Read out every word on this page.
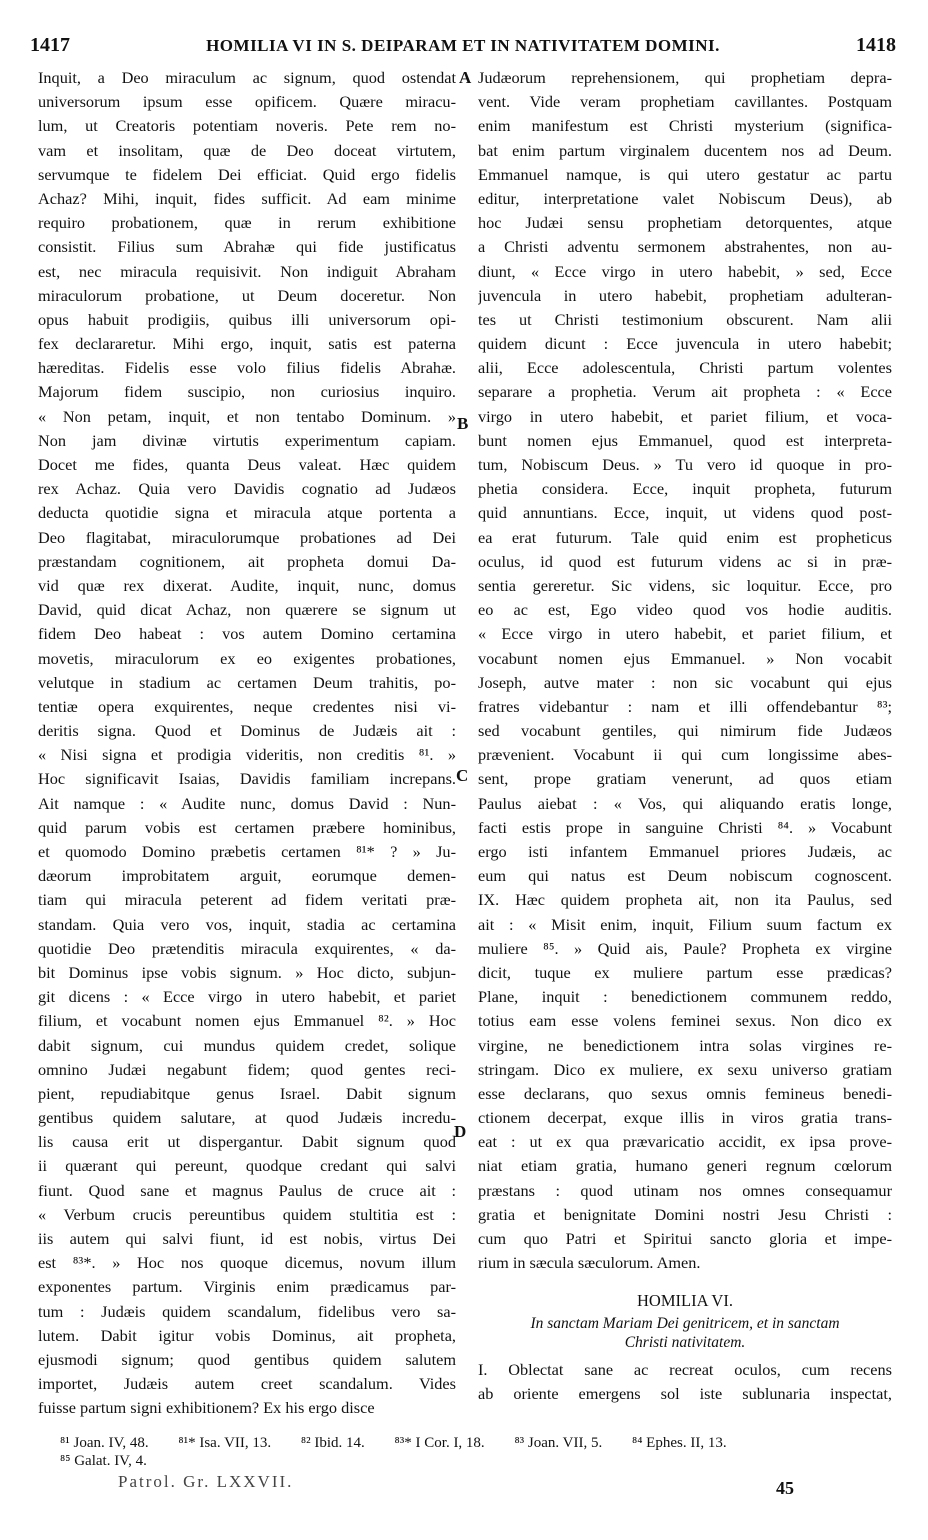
1417	HOMILIA VI IN S. DEIPARAM ET IN NATIVITATEM DOMINI.	1418
Inquit, a Deo miraculum ac signum, quod ostendat
universorum ipsum esse opificem. Quære miracu-
lum, ut Creatoris potentiam noveris. Pete rem no-
vam et insolitam, quæ de Deo doceat virtutem,
servumque te fidelem Dei efficiat. Quid ergo fidelis
Achaz? Mihi, inquit, fides sufficit. Ad eam minime
requiro probationem, quæ in rerum exhibitione
consistit. Filius sum Abrahæ qui fide justificatus
est, nec miracula requisivit. Non indiguit Abraham
miraculorum probatione, ut Deum doceretur. Non
opus habuit prodigiis, quibus illi universorum opi-
fex declararetur. Mihi ergo, inquit, satis est paterna
hæreditas. Fidelis esse volo filius fidelis Abrahæ.
Majorum fidem suscipio, non curiosius inquiro.
« Non petam, inquit, et non tentabo Dominum. »
Non jam divinæ virtutis experimentum capiam.
Docet me fides, quanta Deus valeat. Hæc quidem
rex Achaz. Quia vero Davidis cognatio ad Judæos
deducta quotidie signa et miracula atque portenta a
Deo flagitabat, miraculorumque probationes ad Dei
præstandam cognitionem, ait propheta domui Da-
vid quæ rex dixerat. Audite, inquit, nunc, domus
David, quid dicat Achaz, non quærere se signum ut
fidem Deo habeat : vos autem Domino certamina
movetis, miraculorum ex eo exigentes probationes,
velutque in stadium ac certamen Deum trahitis, po-
tentiæ opera exquirentes, neque credentes nisi vi-
deritis signa. Quod et Dominus de Judæis ait :
« Nisi signa et prodigia videritis, non creditis ⁸¹. »
Hoc significavit Isaias, Davidis familiam increpans.
Ait namque : « Audite nunc, domus David : Nun-
quid parum vobis est certamen præbere hominibus,
et quomodo Domino præbetis certamen ⁸¹* ? » Ju-
dæorum improbitatem arguit, eorumque demen-
tiam qui miracula peterent ad fidem veritati præ-
standam. Quia vero vos, inquit, stadia ac certamina
quotidie Deo prætenditis miracula exquirentes, « da-
bit Dominus ipse vobis signum. » Hoc dicto, subjun-
git dicens : « Ecce virgo in utero habebit, et pariet
filium, et vocabunt nomen ejus Emmanuel ⁸². » Hoc
dabit signum, cui mundus quidem credet, solique
omnino Judæi negabunt fidem; quod gentes reci-
pient, repudiabitque genus Israel. Dabit signum
gentibus quidem salutare, at quod Judæis incredu-
lis causa erit ut dispergantur. Dabit signum quod
ii quærant qui pereunt, quodque credant qui salvi
fiunt. Quod sane et magnus Paulus de cruce ait :
« Verbum crucis pereuntibus quidem stultitia est :
iis autem qui salvi fiunt, id est nobis, virtus Dei
est ⁸³*. » Hoc nos quoque dicemus, novum illum
exponentes partum. Virginis enim prædicamus par-
tum : Judæis quidem scandalum, fidelibus vero sa-
lutem. Dabit igitur vobis Dominus, ait propheta,
ejusmodi signum; quod gentibus quidem salutem
importet, Judæis autem creet scandalum. Vides
fuisse partum signi exhibitionem? Ex his ergo disce
A
B
C
D
Judæorum reprehensionem, qui prophetiam depra-
vent. Vide veram prophetiam cavillantes. Postquam
enim manifestum est Christi mysterium (significa-
bat enim partum virginalem ducentem nos ad Deum.
Emmanuel namque, is qui utero gestatur ac partu
editur, interpretatione valet Nobiscum Deus), ab
hoc Judæi sensu prophetiam detorquentes, atque
a Christi adventu sermonem abstrahentes, non au-
diunt, « Ecce virgo in utero habebit, » sed, Ecce
juvencula in utero habebit, prophetiam adulteran-
tes ut Christi testimonium obscurent. Nam alii
quidem dicunt : Ecce juvencula in utero habebit;
alii, Ecce adolescentula, Christi partum volentes
separare a prophetia. Verum ait propheta : « Ecce
virgo in utero habebit, et pariet filium, et voca-
bunt nomen ejus Emmanuel, quod est interpreta-
tum, Nobiscum Deus. » Tu vero id quoque in pro-
phetia considera. Ecce, inquit propheta, futurum
quid annuntians. Ecce, inquit, ut videns quod post-
ea erat futurum. Tale quid enim est propheticus
oculus, id quod est futurum videns ac si in præ-
sentia gereretur. Sic videns, sic loquitur. Ecce, pro
eo ac est, Ego video quod vos hodie auditis.
« Ecce virgo in utero habebit, et pariet filium, et
vocabunt nomen ejus Emmanuel. » Non vocabit
Joseph, autve mater : non sic vocabunt qui ejus
fratres videbantur : nam et illi offendebantur ⁸³;
sed vocabunt gentiles, qui nimirum fide Judæos
prævenient. Vocabunt ii qui cum longissime abes-
sent, prope gratiam venerunt, ad quos etiam
Paulus aiebat : « Vos, qui aliquando eratis longe,
facti estis prope in sanguine Christi ⁸⁴. » Vocabunt
ergo isti infantem Emmanuel priores Judæis, ac
eum qui natus est Deum nobiscum cognoscent.
IX. Hæc quidem propheta ait, non ita Paulus, sed
ait : « Misit enim, inquit, Filium suum factum ex
muliere ⁸⁵. » Quid ais, Paule? Propheta ex virgine
dicit, tuque ex muliere partum esse prædicas?
Plane, inquit : benedictionem communem reddo,
totius eam esse volens feminei sexus. Non dico ex
virgine, ne benedictionem intra solas virgines re-
stringam. Dico ex muliere, ex sexu universo gratiam
esse declarans, quo sexus omnis femineus benedi-
ctionem decerpat, exque illis in viros gratia trans-
eat : ut ex qua prævaricatio accidit, ex ipsa prove-
niat etiam gratia, humano generi regnum cœlorum
præstans : quod utinam nos omnes consequamur
gratia et benignitate Domini nostri Jesu Christi :
cum quo Patri et Spiritui sancto gloria et impe-
rium in sæcula sæculorum. Amen.
HOMILIA VI.
In sanctam Mariam Dei genitricem, et in sanctam
Christi nativitatem.
I. Oblectat sane ac recreat oculos, cum recens
ab oriente emergens sol iste sublunaria inspectat,
⁸¹ Joan. IV, 48. ⁸¹* Isa. VII, 13. ⁸² Ibid. 14. ⁸³* I Cor. I, 18. ⁸³ Joan. VII, 5. ⁸⁴ Ephes. II, 13.
⁸⁵ Galat. IV, 4.
Patrol. Gr. LXXVII.	45
